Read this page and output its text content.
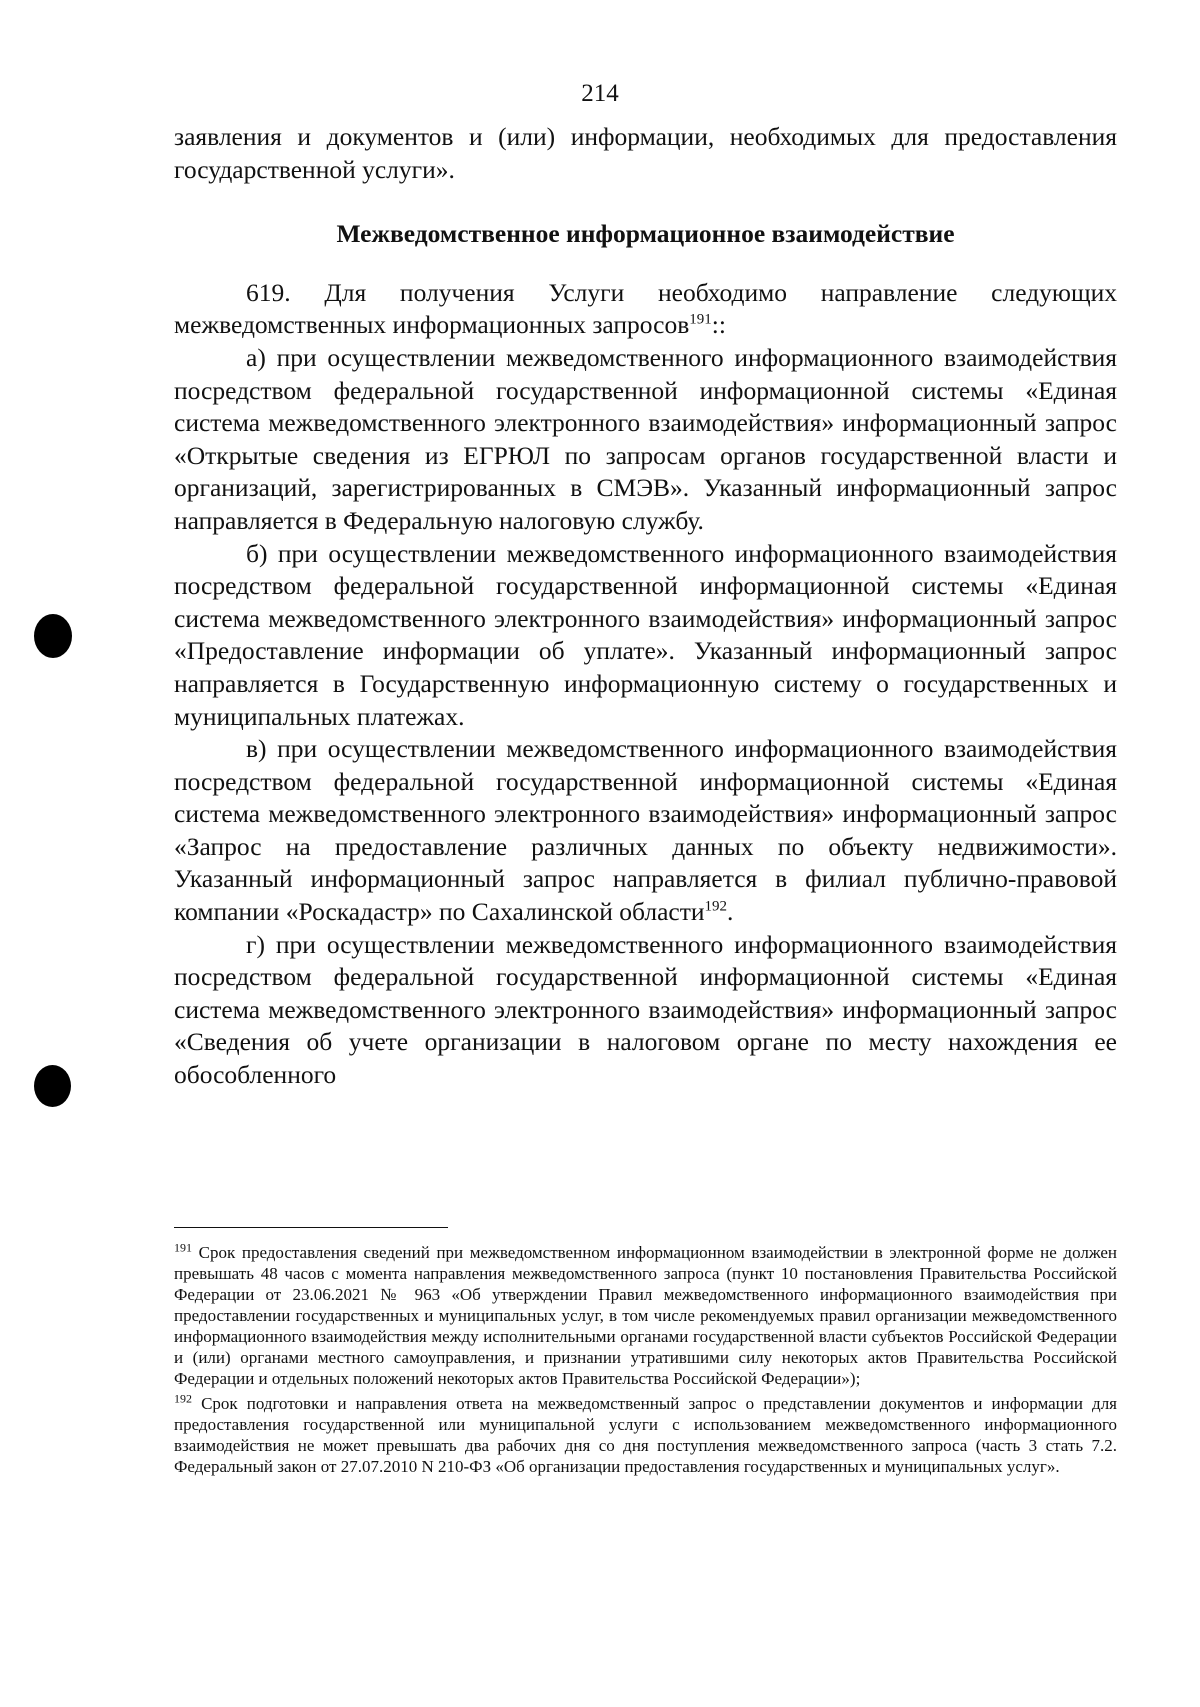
214

заявления и документов и (или) информации, необходимых для предоставления государственной услуги».

Межведомственное информационное взаимодействие

619. Для получения Услуги необходимо направление следующих межведомственных информационных запросов$^{191}$::

а) при осуществлении межведомственного информационного взаимодействия посредством федеральной государственной информационной системы «Единая система межведомственного электронного взаимодействия» информационный запрос «Открытые сведения из ЕГРЮЛ по запросам органов государственной власти и организаций, зарегистрированных в СМЭВ». Указанный информационный запрос направляется в Федеральную налоговую службу.

б) при осуществлении межведомственного информационного взаимодействия посредством федеральной государственной информационной системы «Единая система межведомственного электронного взаимодействия» информационный запрос «Предоставление информации об уплате». Указанный информационный запрос направляется в Государственную информационную систему о государственных и муниципальных платежах.

в) при осуществлении межведомственного информационного взаимодействия посредством федеральной государственной информационной системы «Единая система межведомственного электронного взаимодействия» информационный запрос «Запрос на предоставление различных данных по объекту недвижимости». Указанный информационный запрос направляется в филиал публично-правовой компании «Роскадастр» по Сахалинской области$^{192}$.

г) при осуществлении межведомственного информационного взаимодействия посредством федеральной государственной информационной системы «Единая система межведомственного электронного взаимодействия» информационный запрос «Сведения об учете организации в налоговом органе по месту нахождения ее обособленного

$^{191}$ Срок предоставления сведений при межведомственном информационном взаимодействии в электронной форме не должен превышать 48 часов с момента направления межведомственного запроса (пункт 10 постановления Правительства Российской Федерации от 23.06.2021 № 963 «Об утверждении Правил межведомственного информационного взаимодействия при предоставлении государственных и муниципальных услуг, в том числе рекомендуемых правил организации межведомственного информационного взаимодействия между исполнительными органами государственной власти субъектов Российской Федерации и (или) органами местного самоуправления, и признании утратившими силу некоторых актов Правительства Российской Федерации и отдельных положений некоторых актов Правительства Российской Федерации»);

$^{192}$ Срок подготовки и направления ответа на межведомственный запрос о представлении документов и информации для предоставления государственной или муниципальной услуги с использованием межведомственного информационного взаимодействия не может превышать два рабочих дня со дня поступления межведомственного запроса (часть 3 стать 7.2. Федеральный закон от 27.07.2010 N 210-ФЗ «Об организации предоставления государственных и муниципальных услуг».
